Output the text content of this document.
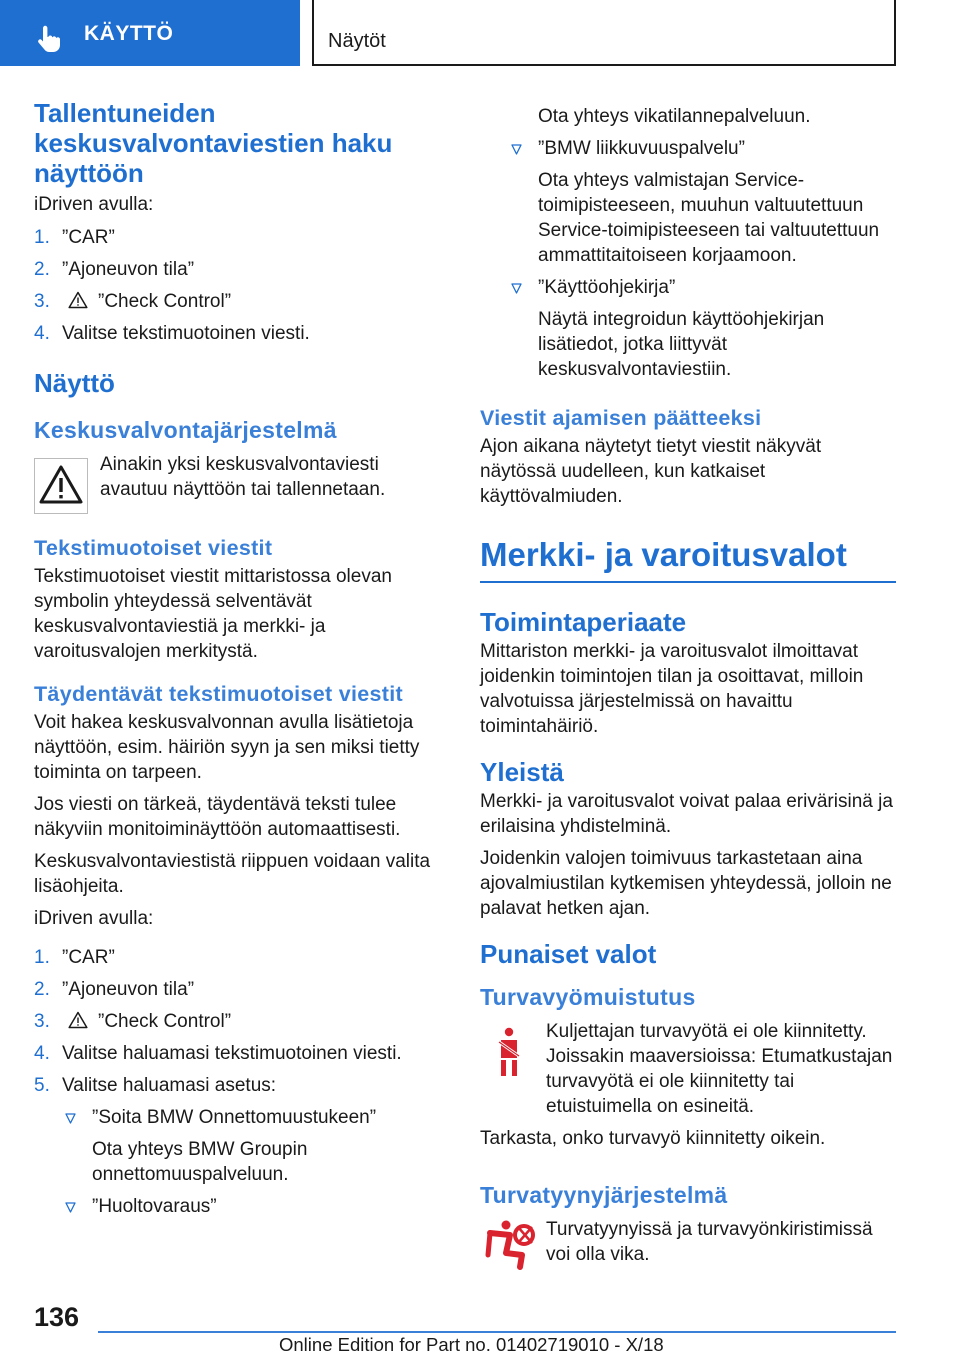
KÄYTTÖ	Näytöt
Tallentuneiden keskusvalvontaviestien haku näyttöön

iDriven avulla:

1. ”CAR”
2. ”Ajoneuvon tila”
3.	”Check Control”
4. Valitse tekstimuotoinen viesti.
Näyttö
Keskusvalvontajärjestelmä

Ainakin yksi keskusvalvontaviesti avautuu näyttöön tai tallennetaan.

Tekstimuotoiset viestit

Tekstimuotoiset viestit mittaristossa olevan symbolin yhteydessä selventävät keskusvalvontaviestiä ja merkki- ja varoitusvalojen merkitystä.

Täydentävät tekstimuotoiset viestit

Voit hakea keskusvalvonnan avulla lisätietoja näyttöön, esim. häiriön syyn ja sen miksi tietty toiminta on tarpeen.

Jos viesti on tärkeä, täydentävä teksti tulee näkyviin monitoiminäyttöön automaattisesti.

Keskusvalvontaviestistä riippuen voidaan valita lisäohjeita.

iDriven avulla:

1. ”CAR”
2. ”Ajoneuvon tila”
3.	”Check Control”
4. Valitse haluamasi tekstimuotoinen viesti.
5. Valitse haluamasi asetus:
”Soita BMW Onnettomuustukeen”

Ota yhteys BMW Groupin onnettomuuspalveluun.

”Huoltovaraus”

Ota yhteys vikatilannepalveluun.

”BMW liikkuvuuspalvelu”

Ota yhteys valmistajan Service-toimipisteeseen, muuhun valtuutettuun Service-toimipisteeseen tai valtuutettuun ammattitaitoiseen korjaamoon.

”Käyttöohjekirja”

Näytä integroidun käyttöohjekirjan lisätiedot, jotka liittyvät keskusvalvontaviestiin.

Viestit ajamisen päätteeksi

Ajon aikana näytetyt tietyt viestit näkyvät näytössä uudelleen, kun katkaiset käyttövalmiuden.

Merkki- ja varoitusvalot
Toimintaperiaate

Mittariston merkki- ja varoitusvalot ilmoittavat joidenkin toimintojen tilan ja osoittavat, milloin valvotuissa järjestelmissä on havaittu toimintahäiriö.

Yleistä

Merkki- ja varoitusvalot voivat palaa erivärisinä ja erilaisina yhdistelminä.

Joidenkin valojen toimivuus tarkastetaan aina ajovalmiustilan kytkemisen yhteydessä, jolloin ne palavat hetken ajan.

Punaiset valot
Turvavyömuistutus

Kuljettajan turvavyötä ei ole kiinnitetty. Joissakin maaversioissa: Etumatkustajan turvavyötä ei ole kiinnitetty tai etuistuimella on esineitä.

Tarkasta, onko turvavyö kiinnitetty oikein.

Turvatyynyjärjestelmä

Turvatyynyissä ja turvavyönkiristimissä voi olla vika.

136
Online Edition for Part no. 01402719010 - X/18
